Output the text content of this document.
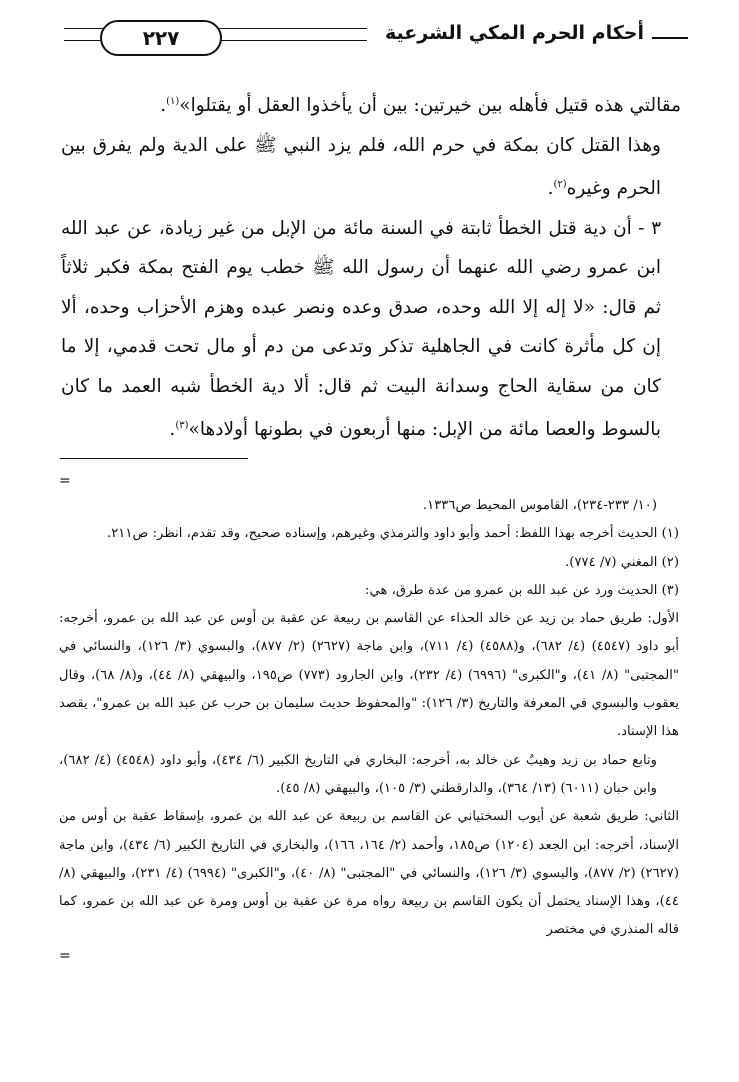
أحكام الحرم المكي الشرعية
٢٢٧

مقالتي هذه قتيل فأهله بين خيرتين: بين أن يأخذوا العقل أو يقتلوا»$^{(١)}$.

وهذا القتل كان بمكة في حرم الله، فلم يزد النبي ﷺ على الدية ولم يفرق بين الحرم وغيره$^{(٢)}$.

٣ - أن دية قتل الخطأ ثابتة في السنة مائة من الإبل من غير زيادة، عن عبد الله ابن عمرو رضي الله عنهما أن رسول الله ﷺ خطب يوم الفتح بمكة فكبر ثلاثاً ثم قال: «لا إله إلا الله وحده، صدق وعده ونصر عبده وهزم الأحزاب وحده، ألا إن كل مأثرة كانت في الجاهلية تذكر وتدعى من دم أو مال تحت قدمي، إلا ما كان من سقاية الحاج وسدانة البيت ثم قال: ألا دية الخطأ شبه العمد ما كان بالسوط والعصا مائة من الإبل: منها أربعون في بطونها أولادها»$^{(٣)}$.

=

(١٠/ ٢٣٣-٢٣٤)، القاموس المحيط ص١٣٣٦.

(١) الحديث أخرجه بهذا اللفظ: أحمد وأبو داود والترمذي وغيرهم، وإسناده صحيح، وقد تقدم، انظر: ص٢١١.

(٢) المغني (٧/ ٧٧٤).

(٣) الحديث ورد عن عبد الله بن عمرو من عدة طرق، هي:

الأول: طريق حماد بن زيد عن خالد الحذاء عن القاسم بن ربيعة عن عقبة بن أوس عن عبد الله بن عمرو، أخرجه: أبو داود (٤٥٤٧) (٤/ ٦٨٢)، و(٤٥٨٨) (٤/ ٧١١)، وابن ماجة (٢٦٢٧) (٢/ ٨٧٧)، والبسوي (٣/ ١٢٦)، والنسائي في "المجتبى" (٨/ ٤١)، و"الكبرى" (٦٩٩٦) (٤/ ٢٣٢)، وابن الجارود (٧٧٣) ص١٩٥، والبيهقي (٨/ ٤٤)، و(٨/ ٦٨)، وقال يعقوب والبسوي في المعرفة والتاريخ (٣/ ١٢٦): "والمحفوظ حديث سليمان بن حرب عن عبد الله بن عمرو"، يقصد هذا الإسناد.

وتابع حماد بن زيد وهيبٌ عن خالد به، أخرجه: البخاري في التاريخ الكبير (٦/ ٤٣٤)، وأبو داود (٤٥٤٨) (٤/ ٦٨٢)، وابن حبان (٦٠١١) (١٣/ ٣٦٤)، والدارقطني (٣/ ١٠٥)، والبيهقي (٨/ ٤٥).

الثاني: طريق شعبة عن أيوب السختياني عن القاسم بن ربيعة عن عبد الله بن عمرو، بإسقاط عقبة بن أوس من الإسناد، أخرجه: ابن الجعد (١٢٠٤) ص١٨٥، وأحمد (٢/ ١٦٤، ١٦٦)، والبخاري في التاريخ الكبير (٦/ ٤٣٤)، وابن ماجة (٢٦٢٧) (٢/ ٨٧٧)، والبسوي (٣/ ١٢٦)، والنسائي في "المجتبى" (٨/ ٤٠)، و"الكبرى" (٦٩٩٤) (٤/ ٢٣١)، والبيهقي (٨/ ٤٤)، وهذا الإسناد يحتمل أن يكون القاسم بن ربيعة رواه مرة عن عقبة بن أوس ومرة عن عبد الله بن عمرو، كما قاله المنذري في مختصر

=
